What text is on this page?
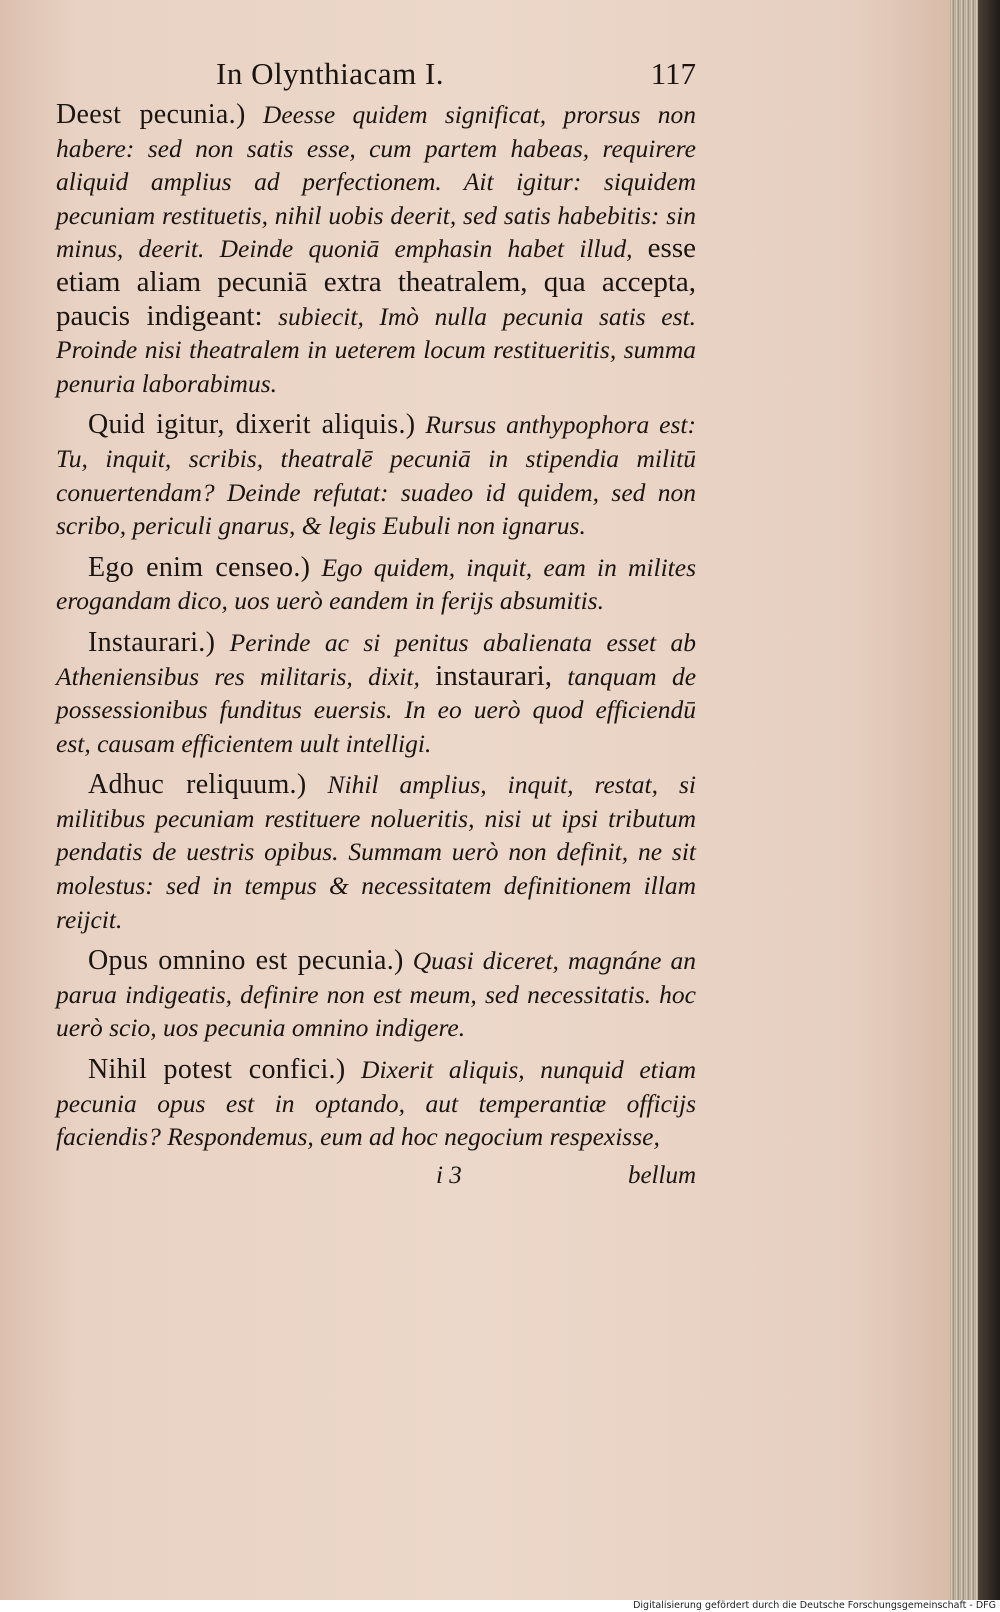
In Olynthiacam I.	117

Deest pecunia.) Deesse quidem significat, prorsus non habere: sed non satis esse, cum partem habeas, requirere aliquid amplius ad perfectionem. Ait igitur: siquidem pecuniam restituetis, nihil uobis deerit, sed satis habebitis: sin minus, deerit. Deinde quoniā emphasin habet illud, esse etiam aliam pecuniā extra theatralem, qua accepta, paucis indigeant: subiecit, Imò nulla pecunia satis est. Proinde nisi theatralem in ueterem locum restitueritis, summa penuria laborabimus.

Quid igitur, dixerit aliquis.) Rursus anthypophora est: Tu, inquit, scribis, theatralē pecuniā in stipendia militū conuertendam? Deinde refutat: suadeo id quidem, sed non scribo, periculi gnarus, & legis Eubuli non ignarus.

Ego enim censeo.) Ego quidem, inquit, eam in milites erogandam dico, uos uerò eandem in ferijs absumitis.

Instaurari.) Perinde ac si penitus abalienata esset ab Atheniensibus res militaris, dixit, instaurari, tanquam de possessionibus funditus euersis. In eo uerò quod efficiendū est, causam efficientem uult intelligi.

Adhuc reliquum.) Nihil amplius, inquit, restat, si militibus pecuniam restituere nolueritis, nisi ut ipsi tributum pendatis de uestris opibus. Summam uerò non definit, ne sit molestus: sed in tempus & necessitatem definitionem illam reijcit.

Opus omnino est pecunia.) Quasi diceret, magnáne an parua indigeatis, definire non est meum, sed necessitatis. hoc uerò scio, uos pecunia omnino indigere.

Nihil potest confici.) Dixerit aliquis, nunquid etiam pecunia opus est in optando, aut temperantiæ officijs faciendis? Respondemus, eum ad hoc negocium respexisse,

i 3	bellum
Digitalisierung gefördert durch die Deutsche Forschungsgemeinschaft - DFG
